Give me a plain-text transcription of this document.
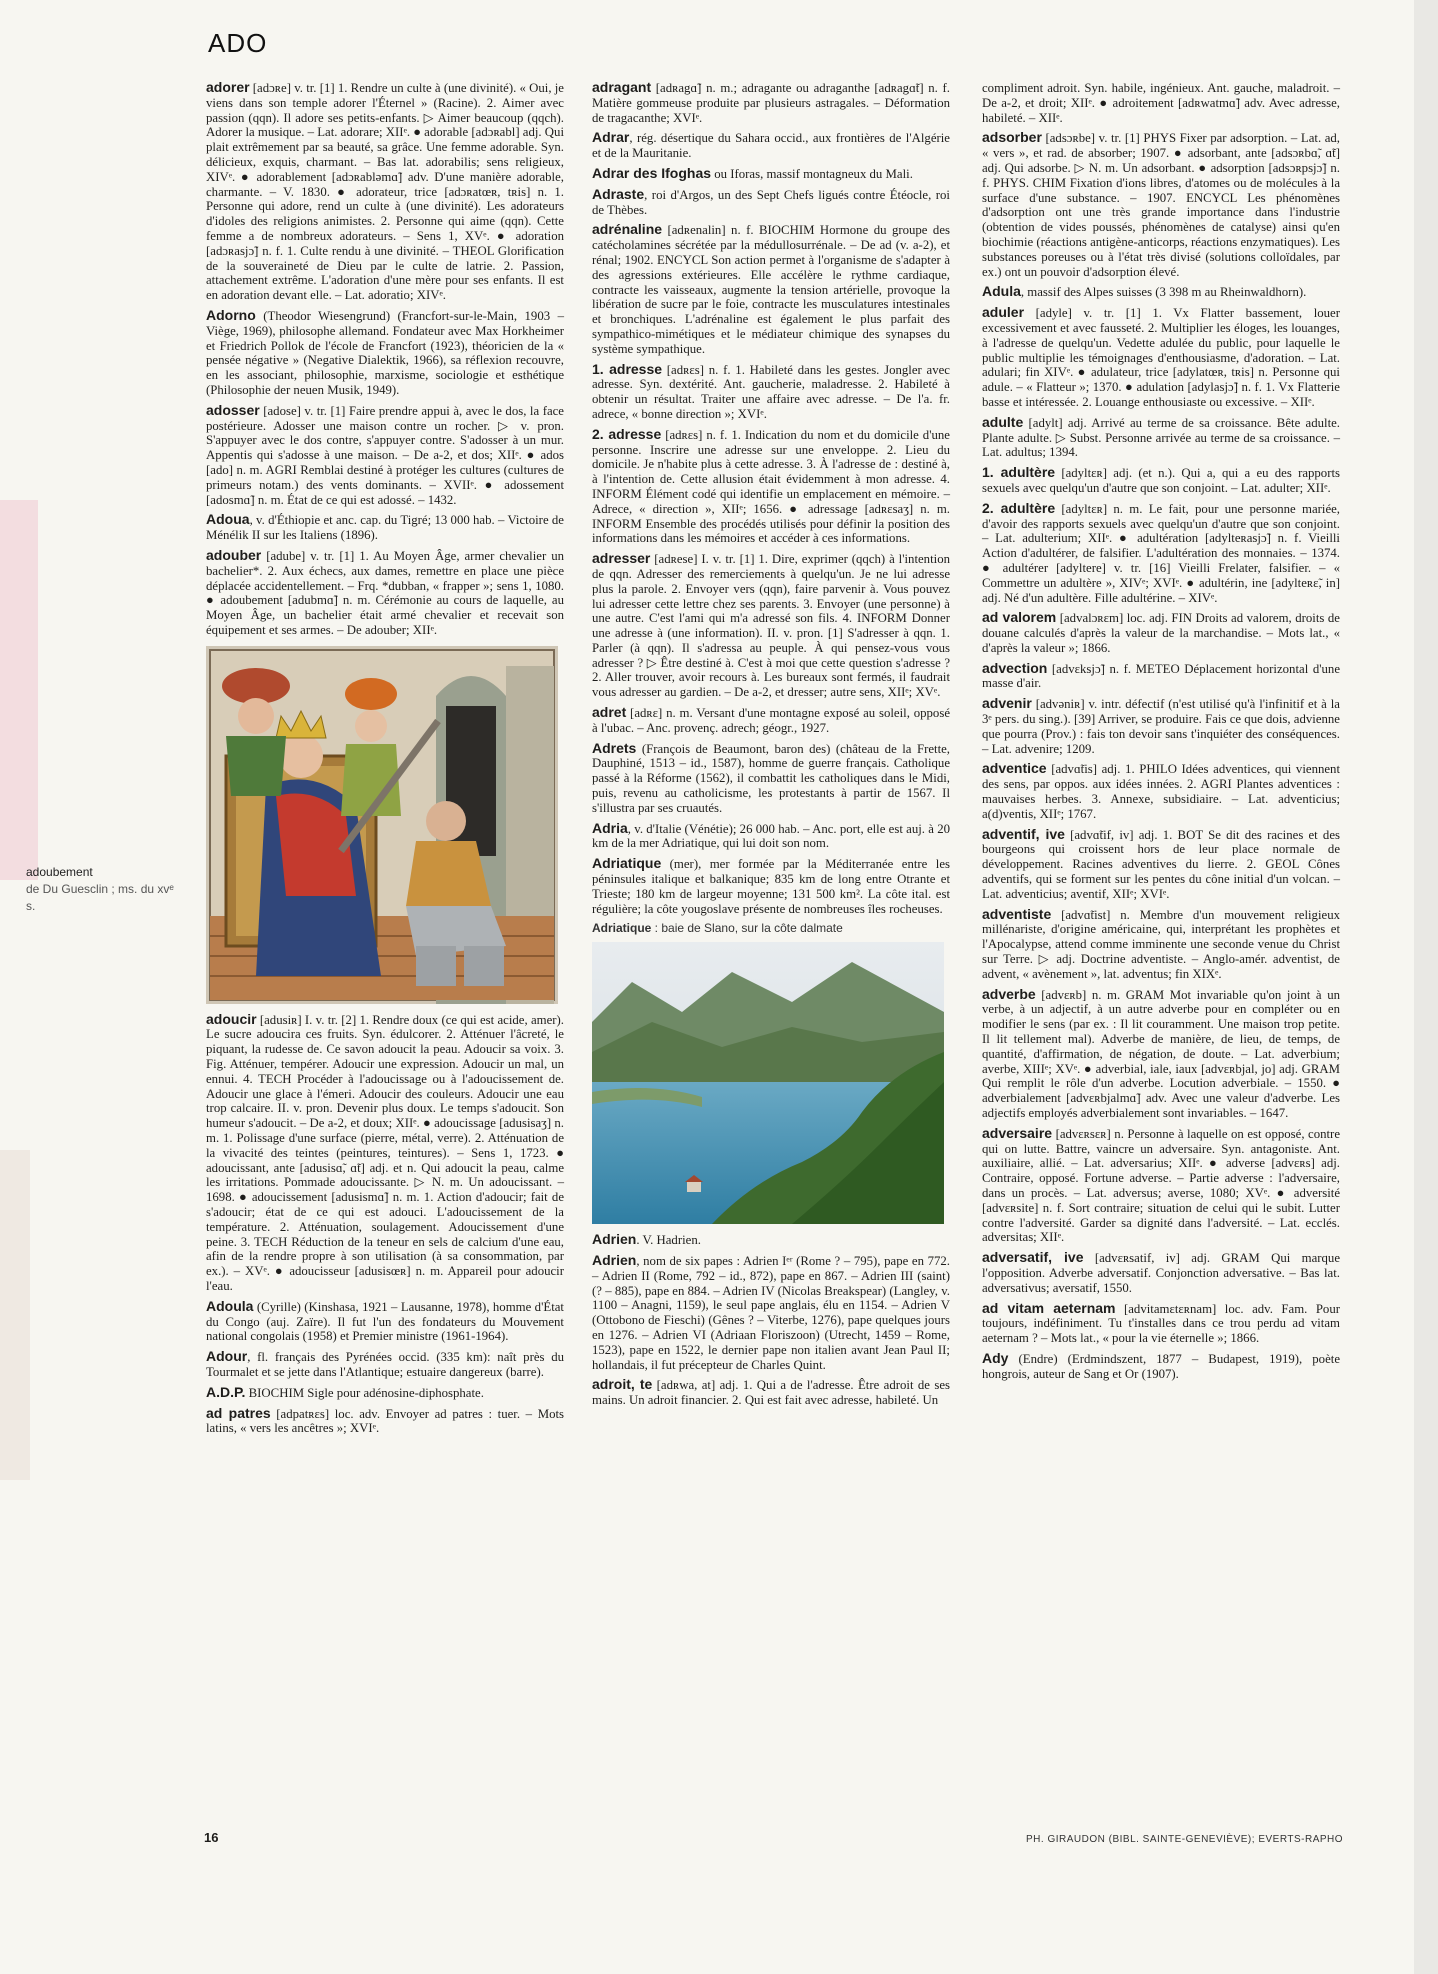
ADO
adoubement
de Du Guesclin ; ms. du xvᵉ s.
adorer [adɔʀe] v. tr. [1] 1. Rendre un culte à (une divinité). « Oui, je viens dans son temple adorer l'Éternel » (Racine). 2. Aimer avec passion (qqn). Il adore ses petits-enfants. ▷ Aimer beaucoup (qqch). Adorer la musique. – Lat. adorare; XIIᵉ. ● adorable [adɔʀabl] adj. Qui plait extrêmement par sa beauté, sa grâce. Une femme adorable. Syn. délicieux, exquis, charmant. – Bas lat. adorabilis; sens religieux, XIVᵉ. ● adorablement [adɔʀabləmɑ̃] adv. D'une manière adorable, charmante. – V. 1830. ● adorateur, trice [adɔʀatœʀ, tʀis] n. 1. Personne qui adore, rend un culte à (une divinité). Les adorateurs d'idoles des religions animistes. 2. Personne qui aime (qqn). Cette femme a de nombreux adorateurs. – Sens 1, XVᵉ. ● adoration [adɔʀasjɔ̃] n. f. 1. Culte rendu à une divinité. – THEOL Glorification de la souveraineté de Dieu par le culte de latrie. 2. Passion, attachement extrême. L'adoration d'une mère pour ses enfants. Il est en adoration devant elle. – Lat. adoratio; XIVᵉ.
Adorno (Theodor Wiesengrund) (Francfort-sur-le-Main, 1903 – Viège, 1969), philosophe allemand. Fondateur avec Max Horkheimer et Friedrich Pollok de l'école de Francfort (1923), théoricien de la « pensée négative » (Negative Dialektik, 1966), sa réflexion recouvre, en les associant, philosophie, marxisme, sociologie et esthétique (Philosophie der neuen Musik, 1949).
adosser [adose] v. tr. [1] Faire prendre appui à, avec le dos, la face postérieure. Adosser une maison contre un rocher. ▷ v. pron. S'appuyer avec le dos contre, s'appuyer contre. S'adosser à un mur. Appentis qui s'adosse à une maison. – De a-2, et dos; XIIᵉ. ● ados [ado] n. m. AGRI Remblai destiné à protéger les cultures (cultures de primeurs notam.) des vents dominants. – XVIIᵉ. ● adossement [adosmɑ̃] n. m. État de ce qui est adossé. – 1432.
Adoua, v. d'Éthiopie et anc. cap. du Tigré; 13 000 hab. – Victoire de Ménélik II sur les Italiens (1896).
adouber [adube] v. tr. [1] 1. Au Moyen Âge, armer chevalier un bachelier*. 2. Aux échecs, aux dames, remettre en place une pièce déplacée accidentellement. – Frq. *dubban, « frapper »; sens 1, 1080. ● adoubement [adubmɑ̃] n. m. Cérémonie au cours de laquelle, au Moyen Âge, un bachelier était armé chevalier et recevait son équipement et ses armes. – De adouber; XIIᵉ.
adoucir [adusiʀ] I. v. tr. [2] 1. Rendre doux (ce qui est acide, amer). Le sucre adoucira ces fruits. Syn. édulcorer. 2. Atténuer l'âcreté, le piquant, la rudesse de. Ce savon adoucit la peau. Adoucir sa voix. 3. Fig. Atténuer, tempérer. Adoucir une expression. Adoucir un mal, un ennui. 4. TECH Procéder à l'adoucissage ou à l'adoucissement de. Adoucir une glace à l'émeri. Adoucir des couleurs. Adoucir une eau trop calcaire. II. v. pron. Devenir plus doux. Le temps s'adoucit. Son humeur s'adoucit. – De a-2, et doux; XIIᵉ. ● adoucissage [adusisaʒ] n. m. 1. Polissage d'une surface (pierre, métal, verre). 2. Atténuation de la vivacité des teintes (peintures, teintures). – Sens 1, 1723. ● adoucissant, ante [adusisɑ̃, ɑ̃t] adj. et n. Qui adoucit la peau, calme les irritations. Pommade adoucissante. ▷ N. m. Un adoucissant. – 1698. ● adoucissement [adusismɑ̃] n. m. 1. Action d'adoucir; fait de s'adoucir; état de ce qui est adouci. L'adoucissement de la température. 2. Atténuation, soulagement. Adoucissement d'une peine. 3. TECH Réduction de la teneur en sels de calcium d'une eau, afin de la rendre propre à son utilisation (à sa consommation, par ex.). – XVᵉ. ● adoucisseur [adusisœʀ] n. m. Appareil pour adoucir l'eau.
Adoula (Cyrille) (Kinshasa, 1921 – Lausanne, 1978), homme d'État du Congo (auj. Zaïre). Il fut l'un des fondateurs du Mouvement national congolais (1958) et Premier ministre (1961-1964).
Adour, fl. français des Pyrénées occid. (335 km): naît près du Tourmalet et se jette dans l'Atlantique; estuaire dangereux (barre).
A.D.P. BIOCHIM Sigle pour adénosine-diphosphate.
ad patres [adpatʀɛs] loc. adv. Envoyer ad patres : tuer. – Mots latins, « vers les ancêtres »; XVIᵉ.
adragant [adʀagɑ̃] n. m.; adragante ou adraganthe [adʀagɑ̃t] n. f. Matière gommeuse produite par plusieurs astragales. – Déformation de tragacanthe; XVIᵉ.
Adrar, rég. désertique du Sahara occid., aux frontières de l'Algérie et de la Mauritanie.
Adrar des Ifoghas ou Iforas, massif montagneux du Mali.
Adraste, roi d'Argos, un des Sept Chefs ligués contre Étéocle, roi de Thèbes.
adrénaline [adʀenalin] n. f. BIOCHIM Hormone du groupe des catécholamines sécrétée par la médullosurrénale. – De ad (v. a-2), et rénal; 1902. ENCYCL Son action permet à l'organisme de s'adapter à des agressions extérieures. Elle accélère le rythme cardiaque, contracte les vaisseaux, augmente la tension artérielle, provoque la libération de sucre par le foie, contracte les musculatures intestinales et bronchiques. L'adrénaline est également le plus parfait des sympathico-mimétiques et le médiateur chimique des synapses du système sympathique.
1. adresse [adʀɛs] n. f. 1. Habileté dans les gestes. Jongler avec adresse. Syn. dextérité. Ant. gaucherie, maladresse. 2. Habileté à obtenir un résultat. Traiter une affaire avec adresse. – De l'a. fr. adrece, « bonne direction »; XVIᵉ.
2. adresse [adʀɛs] n. f. 1. Indication du nom et du domicile d'une personne. Inscrire une adresse sur une enveloppe. 2. Lieu du domicile. Je n'habite plus à cette adresse. 3. À l'adresse de : destiné à, à l'intention de. Cette allusion était évidemment à mon adresse. 4. INFORM Élément codé qui identifie un emplacement en mémoire. – Adrece, « direction », XIIᵉ; 1656. ● adressage [adʀɛsaʒ] n. m. INFORM Ensemble des procédés utilisés pour définir la position des informations dans les mémoires et accéder à ces informations.
adresser [adʀese] I. v. tr. [1] 1. Dire, exprimer (qqch) à l'intention de qqn. Adresser des remerciements à quelqu'un. Je ne lui adresse plus la parole. 2. Envoyer vers (qqn), faire parvenir à. Vous pouvez lui adresser cette lettre chez ses parents. 3. Envoyer (une personne) à une autre. C'est l'ami qui m'a adressé son fils. 4. INFORM Donner une adresse à (une information). II. v. pron. [1] S'adresser à qqn. 1. Parler (à qqn). Il s'adressa au peuple. À qui pensez-vous vous adresser ? ▷ Être destiné à. C'est à moi que cette question s'adresse ? 2. Aller trouver, avoir recours à. Les bureaux sont fermés, il faudrait vous adresser au gardien. – De a-2, et dresser; autre sens, XIIᵉ; XVᵉ.
adret [adʀɛ] n. m. Versant d'une montagne exposé au soleil, opposé à l'ubac. – Anc. provenç. adrech; géogr., 1927.
Adrets (François de Beaumont, baron des) (château de la Frette, Dauphiné, 1513 – id., 1587), homme de guerre français. Catholique passé à la Réforme (1562), il combattit les catholiques dans le Midi, puis, revenu au catholicisme, les protestants à partir de 1567. Il s'illustra par ses cruautés.
Adria, v. d'Italie (Vénétie); 26 000 hab. – Anc. port, elle est auj. à 20 km de la mer Adriatique, qui lui doit son nom.
Adriatique (mer), mer formée par la Méditerranée entre les péninsules italique et balkanique; 835 km de long entre Otrante et Trieste; 180 km de largeur moyenne; 131 500 km². La côte ital. est régulière; la côte yougoslave présente de nombreuses îles rocheuses.
Adriatique : baie de Slano, sur la côte dalmate
Adrien. V. Hadrien.
Adrien, nom de six papes : Adrien Iᵉʳ (Rome ? – 795), pape en 772. – Adrien II (Rome, 792 – id., 872), pape en 867. – Adrien III (saint) (? – 885), pape en 884. – Adrien IV (Nicolas Breakspear) (Langley, v. 1100 – Anagni, 1159), le seul pape anglais, élu en 1154. – Adrien V (Ottobono de Fieschi) (Gênes ? – Viterbe, 1276), pape quelques jours en 1276. – Adrien VI (Adriaan Floriszoon) (Utrecht, 1459 – Rome, 1523), pape en 1522, le dernier pape non italien avant Jean Paul II; hollandais, il fut précepteur de Charles Quint.
adroit, te [adʀwa, at] adj. 1. Qui a de l'adresse. Être adroit de ses mains. Un adroit financier. 2. Qui est fait avec adresse, habileté. Un
compliment adroit. Syn. habile, ingénieux. Ant. gauche, maladroit. – De a-2, et droit; XIIᵉ. ● adroitement [adʀwatmɑ̃] adv. Avec adresse, habileté. – XIIᵉ.
adsorber [adsɔʀbe] v. tr. [1] PHYS Fixer par adsorption. – Lat. ad, « vers », et rad. de absorber; 1907. ● adsorbant, ante [adsɔʀbɑ̃, ɑ̃t] adj. Qui adsorbe. ▷ N. m. Un adsorbant. ● adsorption [adsɔʀpsjɔ̃] n. f. PHYS. CHIM Fixation d'ions libres, d'atomes ou de molécules à la surface d'une substance. – 1907. ENCYCL Les phénomènes d'adsorption ont une très grande importance dans l'industrie (obtention de vides poussés, phénomènes de catalyse) ainsi qu'en biochimie (réactions antigène-anticorps, réactions enzymatiques). Les substances poreuses ou à l'état très divisé (solutions colloïdales, par ex.) ont un pouvoir d'adsorption élevé.
Adula, massif des Alpes suisses (3 398 m au Rheinwaldhorn).
aduler [adyle] v. tr. [1] 1. Vx Flatter bassement, louer excessivement et avec fausseté. 2. Multiplier les éloges, les louanges, à l'adresse de quelqu'un. Vedette adulée du public, pour laquelle le public multiplie les témoignages d'enthousiasme, d'adoration. – Lat. adulari; fin XIVᵉ. ● adulateur, trice [adylatœʀ, tʀis] n. Personne qui adule. – « Flatteur »; 1370. ● adulation [adylasjɔ̃] n. f. 1. Vx Flatterie basse et intéressée. 2. Louange enthousiaste ou excessive. – XIIᵉ.
adulte [adylt] adj. Arrivé au terme de sa croissance. Bête adulte. Plante adulte. ▷ Subst. Personne arrivée au terme de sa croissance. – Lat. adultus; 1394.
1. adultère [adyltɛʀ] adj. (et n.). Qui a, qui a eu des rapports sexuels avec quelqu'un d'autre que son conjoint. – Lat. adulter; XIIᵉ.
2. adultère [adyltɛʀ] n. m. Le fait, pour une personne mariée, d'avoir des rapports sexuels avec quelqu'un d'autre que son conjoint. – Lat. adulterium; XIIᵉ. ● adultération [adylteʀasjɔ̃] n. f. Vieilli Action d'adultérer, de falsifier. L'adultération des monnaies. – 1374. ● adultérer [adyltere] v. tr. [16] Vieilli Frelater, falsifier. – « Commettre un adultère », XIVᵉ; XVIᵉ. ● adultérin, ine [adylteʀɛ̃, in] adj. Né d'un adultère. Fille adultérine. – XIVᵉ.
ad valorem [advalɔʀɛm] loc. adj. FIN Droits ad valorem, droits de douane calculés d'après la valeur de la marchandise. – Mots lat., « d'après la valeur »; 1866.
advection [advɛksjɔ̃] n. f. METEO Déplacement horizontal d'une masse d'air.
advenir [advəniʀ] v. intr. défectif (n'est utilisé qu'à l'infinitif et à la 3ᵉ pers. du sing.). [39] Arriver, se produire. Fais ce que dois, advienne que pourra (Prov.) : fais ton devoir sans t'inquiéter des conséquences. – Lat. advenire; 1209.
adventice [advɑ̃tis] adj. 1. PHILO Idées adventices, qui viennent des sens, par oppos. aux idées innées. 2. AGRI Plantes adventices : mauvaises herbes. 3. Annexe, subsidiaire. – Lat. adventicius; a(d)ventis, XIIᵉ; 1767.
adventif, ive [advɑ̃tif, iv] adj. 1. BOT Se dit des racines et des bourgeons qui croissent hors de leur place normale de développement. Racines adventives du lierre. 2. GEOL Cônes adventifs, qui se forment sur les pentes du cône initial d'un volcan. – Lat. adventicius; aventif, XIIᵉ; XVIᵉ.
adventiste [advɑ̃tist] n. Membre d'un mouvement religieux millénariste, d'origine américaine, qui, interprétant les prophètes et l'Apocalypse, attend comme imminente une seconde venue du Christ sur Terre. ▷ adj. Doctrine adventiste. – Anglo-amér. adventist, de advent, « avènement », lat. adventus; fin XIXᵉ.
adverbe [advɛʀb] n. m. GRAM Mot invariable qu'on joint à un verbe, à un adjectif, à un autre adverbe pour en compléter ou en modifier le sens (par ex. : Il lit couramment. Une maison trop petite. Il lit tellement mal). Adverbe de manière, de lieu, de temps, de quantité, d'affirmation, de négation, de doute. – Lat. adverbium; averbe, XIIIᵉ; XVᵉ. ● adverbial, iale, iaux [advɛʀbjal, jo] adj. GRAM Qui remplit le rôle d'un adverbe. Locution adverbiale. – 1550. ● adverbialement [advɛʀbjalmɑ̃] adv. Avec une valeur d'adverbe. Les adjectifs employés adverbialement sont invariables. – 1647.
adversaire [advɛʀsɛʀ] n. Personne à laquelle on est opposé, contre qui on lutte. Battre, vaincre un adversaire. Syn. antagoniste. Ant. auxiliaire, allié. – Lat. adversarius; XIIᵉ. ● adverse [advɛʀs] adj. Contraire, opposé. Fortune adverse. – Partie adverse : l'adversaire, dans un procès. – Lat. adversus; averse, 1080; XVᵉ. ● adversité [advɛʀsite] n. f. Sort contraire; situation de celui qui le subit. Lutter contre l'adversité. Garder sa dignité dans l'adversité. – Lat. ecclés. adversitas; XIIᵉ.
adversatif, ive [advɛʀsatif, iv] adj. GRAM Qui marque l'opposition. Adverbe adversatif. Conjonction adversative. – Bas lat. adversativus; aversatif, 1550.
ad vitam aeternam [advitamɛtɛʀnam] loc. adv. Fam. Pour toujours, indéfiniment. Tu t'installes dans ce trou perdu ad vitam aeternam ? – Mots lat., « pour la vie éternelle »; 1866.
Ady (Endre) (Erdmindszent, 1877 – Budapest, 1919), poète hongrois, auteur de Sang et Or (1907).
16	PH. GIRAUDON (BIBL. SAINTE-GENEVIÈVE); EVERTS-RAPHO
